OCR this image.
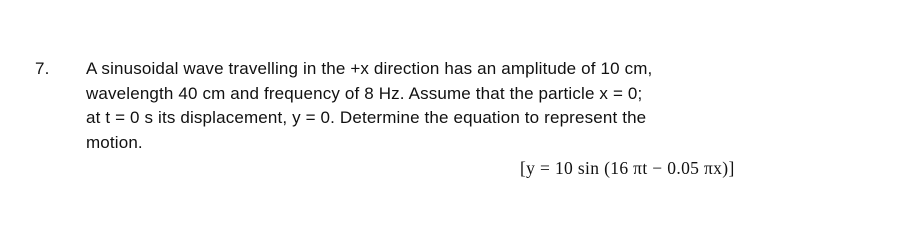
7. A sinusoidal wave travelling in the +x direction has an amplitude of 10 cm,
wavelength 40 cm and frequency of 8 Hz. Assume that the particle x = 0;
at t = 0 s its displacement, y = 0. Determine the equation to represent the
motion.
[y = 10 sin (16 πt − 0.05 πx)]
